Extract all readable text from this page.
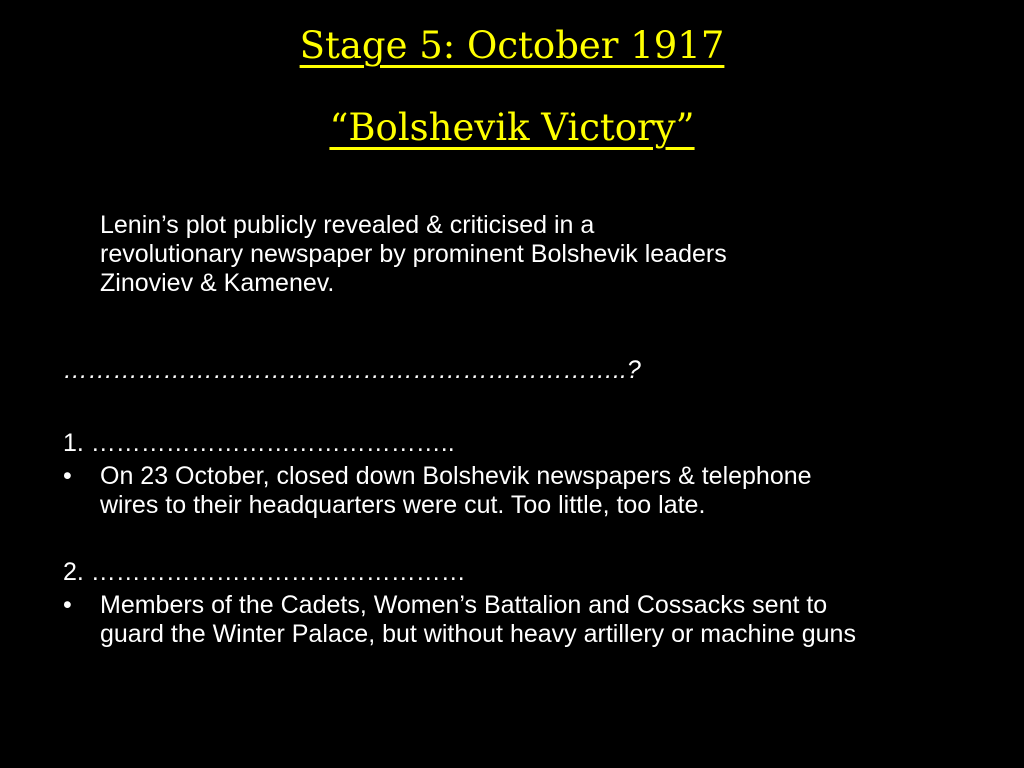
Stage 5: October 1917
“Bolshevik Victory”
Lenin’s plot publicly revealed & criticised in a
revolutionary newspaper by prominent Bolshevik leaders
Zinoviev & Kamenev.
…………………………………………………………..?
1. ……………………………………..
• On 23 October, closed down Bolshevik newspapers & telephone
wires to their headquarters were cut. Too little, too late.
2. ………………………………………
• Members of the Cadets, Women’s Battalion and Cossacks sent to
guard the Winter Palace, but without heavy artillery or machine guns
